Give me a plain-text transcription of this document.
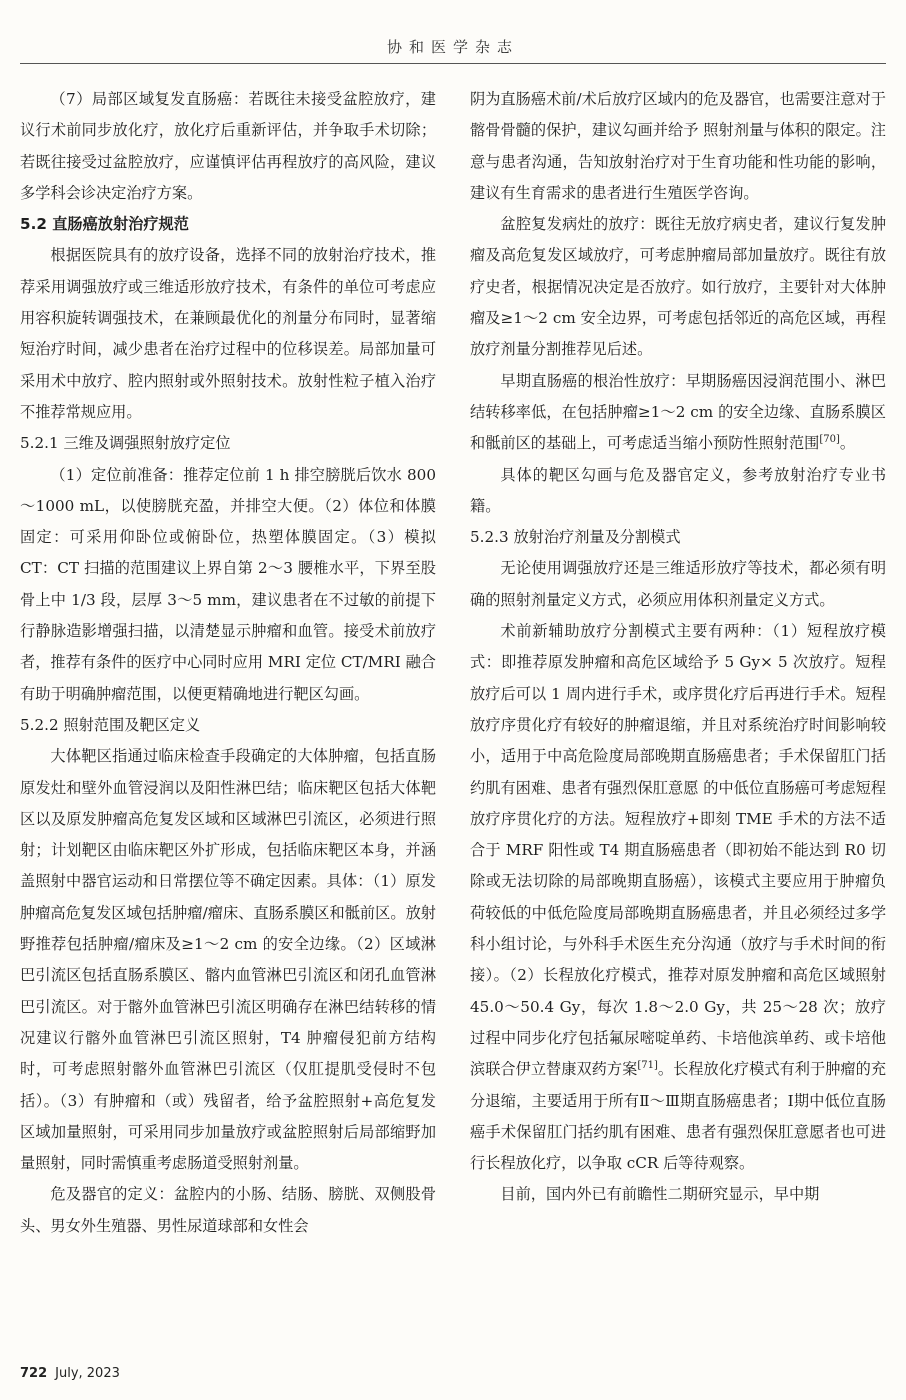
协和医学杂志

（7）局部区域复发直肠癌：若既往未接受盆腔放疗，建议行术前同步放化疗，放化疗后重新评估，并争取手术切除；若既往接受过盆腔放疗，应谨慎评估再程放疗的高风险，建议多学科会诊决定治疗方案。

5.2 直肠癌放射治疗规范

根据医院具有的放疗设备，选择不同的放射治疗技术，推荐采用调强放疗或三维适形放疗技术，有条件的单位可考虑应用容积旋转调强技术，在兼顾最优化的剂量分布同时，显著缩短治疗时间，减少患者在治疗过程中的位移误差。局部加量可采用术中放疗、腔内照射或外照射技术。放射性粒子植入治疗不推荐常规应用。

5.2.1 三维及调强照射放疗定位

（1）定位前准备：推荐定位前 1 h 排空膀胱后饮水 800～1000 mL，以使膀胱充盈，并排空大便。（2）体位和体膜固定：可采用仰卧位或俯卧位，热塑体膜固定。（3）模拟 CT：CT 扫描的范围建议上界自第 2～3 腰椎水平，下界至股骨上中 1/3 段，层厚 3～5 mm，建议患者在不过敏的前提下行静脉造影增强扫描，以清楚显示肿瘤和血管。接受术前放疗者，推荐有条件的医疗中心同时应用 MRI 定位 CT/MRI 融合有助于明确肿瘤范围，以便更精确地进行靶区勾画。

5.2.2 照射范围及靶区定义

大体靶区指通过临床检查手段确定的大体肿瘤，包括直肠原发灶和壁外血管浸润以及阳性淋巴结；临床靶区包括大体靶区以及原发肿瘤高危复发区域和区域淋巴引流区，必须进行照射；计划靶区由临床靶区外扩形成，包括临床靶区本身，并涵盖照射中器官运动和日常摆位等不确定因素。具体：（1）原发肿瘤高危复发区域包括肿瘤/瘤床、直肠系膜区和骶前区。放射野推荐包括肿瘤/瘤床及≥1～2 cm 的安全边缘。（2）区域淋巴引流区包括直肠系膜区、髂内血管淋巴引流区和闭孔血管淋巴引流区。对于髂外血管淋巴引流区明确存在淋巴结转移的情况建议行髂外血管淋巴引流区照射，T4 肿瘤侵犯前方结构时，可考虑照射髂外血管淋巴引流区（仅肛提肌受侵时不包括）。（3）有肿瘤和（或）残留者，给予盆腔照射+高危复发区域加量照射，可采用同步加量放疗或盆腔照射后局部缩野加量照射，同时需慎重考虑肠道受照射剂量。

危及器官的定义：盆腔内的小肠、结肠、膀胱、双侧股骨头、男女外生殖器、男性尿道球部和女性会

阴为直肠癌术前/术后放疗区域内的危及器官，也需要注意对于髂骨骨髓的保护，建议勾画并给予 照射剂量与体积的限定。注意与患者沟通，告知放射治疗对于生育功能和性功能的影响，建议有生育需求的患者进行生殖医学咨询。

盆腔复发病灶的放疗：既往无放疗病史者，建议行复发肿瘤及高危复发区域放疗，可考虑肿瘤局部加量放疗。既往有放疗史者，根据情况决定是否放疗。如行放疗，主要针对大体肿瘤及≥1～2 cm 安全边界，可考虑包括邻近的高危区域，再程放疗剂量分割推荐见后述。

早期直肠癌的根治性放疗：早期肠癌因浸润范围小、淋巴结转移率低，在包括肿瘤≥1～2 cm 的安全边缘、直肠系膜区和骶前区的基础上，可考虑适当缩小预防性照射范围[70]。

具体的靶区勾画与危及器官定义，参考放射治疗专业书籍。

5.2.3 放射治疗剂量及分割模式

无论使用调强放疗还是三维适形放疗等技术，都必须有明确的照射剂量定义方式，必须应用体积剂量定义方式。

术前新辅助放疗分割模式主要有两种：（1）短程放疗模式：即推荐原发肿瘤和高危区域给予 5 Gy× 5 次放疗。短程放疗后可以 1 周内进行手术，或序贯化疗后再进行手术。短程放疗序贯化疗有较好的肿瘤退缩，并且对系统治疗时间影响较小，适用于中高危险度局部晚期直肠癌患者；手术保留肛门括约肌有困难、患者有强烈保肛意愿 的中低位直肠癌可考虑短程放疗序贯化疗的方法。短程放疗+即刻 TME 手术的方法不适合于 MRF 阳性或 T4 期直肠癌患者（即初始不能达到 R0 切除或无法切除的局部晚期直肠癌），该模式主要应用于肿瘤负荷较低的中低危险度局部晚期直肠癌患者，并且必须经过多学科小组讨论，与外科手术医生充分沟通（放疗与手术时间的衔接）。（2）长程放化疗模式，推荐对原发肿瘤和高危区域照射 45.0～50.4 Gy，每次 1.8～2.0 Gy，共 25～28 次；放疗过程中同步化疗包括氟尿嘧啶单药、卡培他滨单药、或卡培他滨联合伊立替康双药方案[71]。长程放化疗模式有利于肿瘤的充分退缩，主要适用于所有Ⅱ～Ⅲ期直肠癌患者；Ⅰ期中低位直肠癌手术保留肛门括约肌有困难、患者有强烈保肛意愿者也可进行长程放化疗，以争取 cCR 后等待观察。

目前，国内外已有前瞻性二期研究显示，早中期

722 July, 2023
